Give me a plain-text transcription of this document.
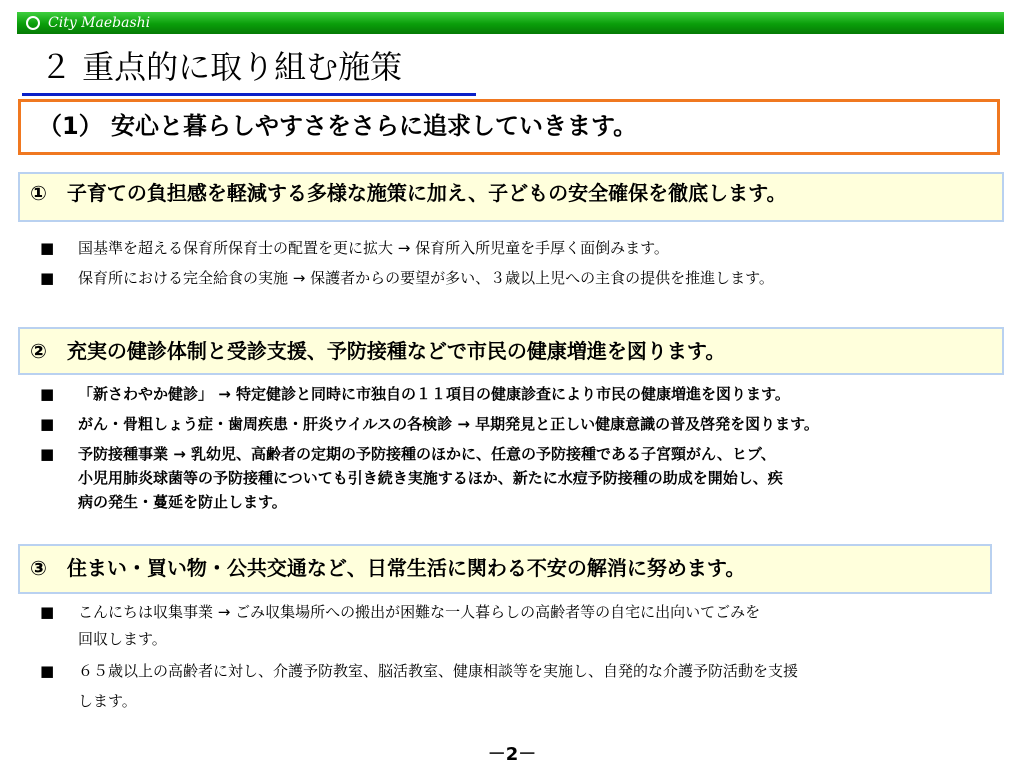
City Maebashi
２ 重点的に取り組む施策
（1） 安心と暮らしやすさをさらに追求していきます。
①　子育ての負担感を軽減する多様な施策に加え、子どもの安全確保を徹底します。
■ 国基準を超える保育所保育士の配置を更に拡大 → 保育所入所児童を手厚く面倒みます。
■ 保育所における完全給食の実施 → 保護者からの要望が多い、３歳以上児への主食の提供を推進します。
②　充実の健診体制と受診支援、予防接種などで市民の健康増進を図ります。
■ 「新さわやか健診」 → 特定健診と同時に市独自の１１項目の健康診査により市民の健康増進を図ります。
■ がん・骨粗しょう症・歯周疾患・肝炎ウイルスの各検診 → 早期発見と正しい健康意識の普及啓発を図ります。
■ 予防接種事業 → 乳幼児、高齢者の定期の予防接種のほかに、任意の予防接種である子宮頸がん、ヒブ、
小児用肺炎球菌等の予防接種についても引き続き実施するほか、新たに水痘予防接種の助成を開始し、疾
病の発生・蔓延を防止します。
③　住まい・買い物・公共交通など、日常生活に関わる不安の解消に努めます。
■ こんにちは収集事業 → ごみ収集場所への搬出が困難な一人暮らしの高齢者等の自宅に出向いてごみを
回収します。
■ ６５歳以上の高齢者に対し、介護予防教室、脳活教室、健康相談等を実施し、自発的な介護予防活動を支援
します。
－2－
